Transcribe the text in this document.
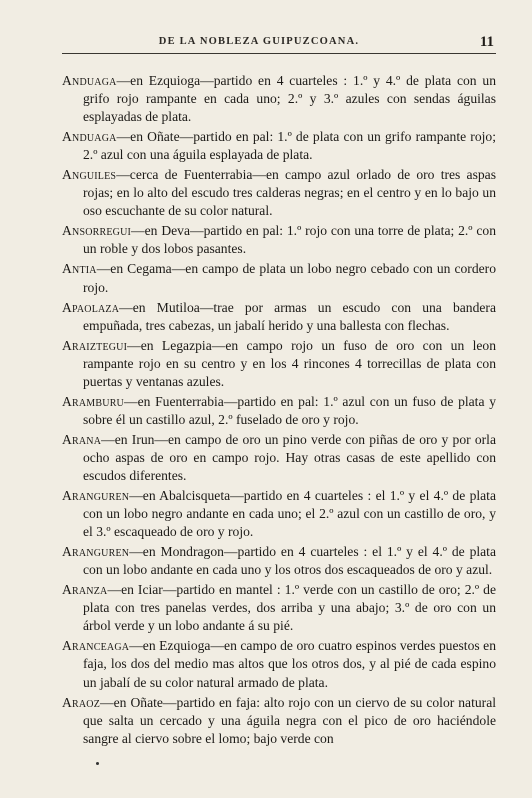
DE LA NOBLEZA GUIPUZCOANA.	11

Anduaga—en Ezquioga—partido en 4 cuarteles : 1.º y 4.º de plata con un grifo rojo rampante en cada uno; 2.º y 3.º azules con sendas águilas esplayadas de plata.

Anduaga—en Oñate—partido en pal: 1.º de plata con un grifo rampante rojo; 2.º azul con una águila esplayada de plata.

Anguiles—cerca de Fuenterrabia—en campo azul orlado de oro tres aspas rojas; en lo alto del escudo tres calderas negras; en el centro y en lo bajo un oso escuchante de su color natural.

Ansorregui—en Deva—partido en pal: 1.º rojo con una torre de plata; 2.º con un roble y dos lobos pasantes.

Antia—en Cegama—en campo de plata un lobo negro cebado con un cordero rojo.

Apaolaza—en Mutiloa—trae por armas un escudo con una bandera empuñada, tres cabezas, un jabalí herido y una ballesta con flechas.

Araiztegui—en Legazpia—en campo rojo un fuso de oro con un leon rampante rojo en su centro y en los 4 rincones 4 torrecillas de plata con puertas y ventanas azules.

Aramburu—en Fuenterrabia—partido en pal: 1.º azul con un fuso de plata y sobre él un castillo azul, 2.º fuselado de oro y rojo.

Arana—en Irun—en campo de oro un pino verde con piñas de oro y por orla ocho aspas de oro en campo rojo. Hay otras casas de este apellido con escudos diferentes.

Aranguren—en Abalcisqueta—partido en 4 cuarteles : el 1.º y el 4.º de plata con un lobo negro andante en cada uno; el 2.º azul con un castillo de oro, y el 3.º escaqueado de oro y rojo.

Aranguren—en Mondragon—partido en 4 cuarteles : el 1.º y el 4.º de plata con un lobo andante en cada uno y los otros dos escaqueados de oro y azul.

Aranza—en Iciar—partido en mantel : 1.º verde con un castillo de oro; 2.º de plata con tres panelas verdes, dos arriba y una abajo; 3.º de oro con un árbol verde y un lobo andante á su pié.

Aranceaga—en Ezquioga—en campo de oro cuatro espinos verdes puestos en faja, los dos del medio mas altos que los otros dos, y al pié de cada espino un jabalí de su color natural armado de plata.

Araoz—en Oñate—partido en faja: alto rojo con un ciervo de su color natural que salta un cercado y una águila negra con el pico de oro haciéndole sangre al ciervo sobre el lomo; bajo verde con
